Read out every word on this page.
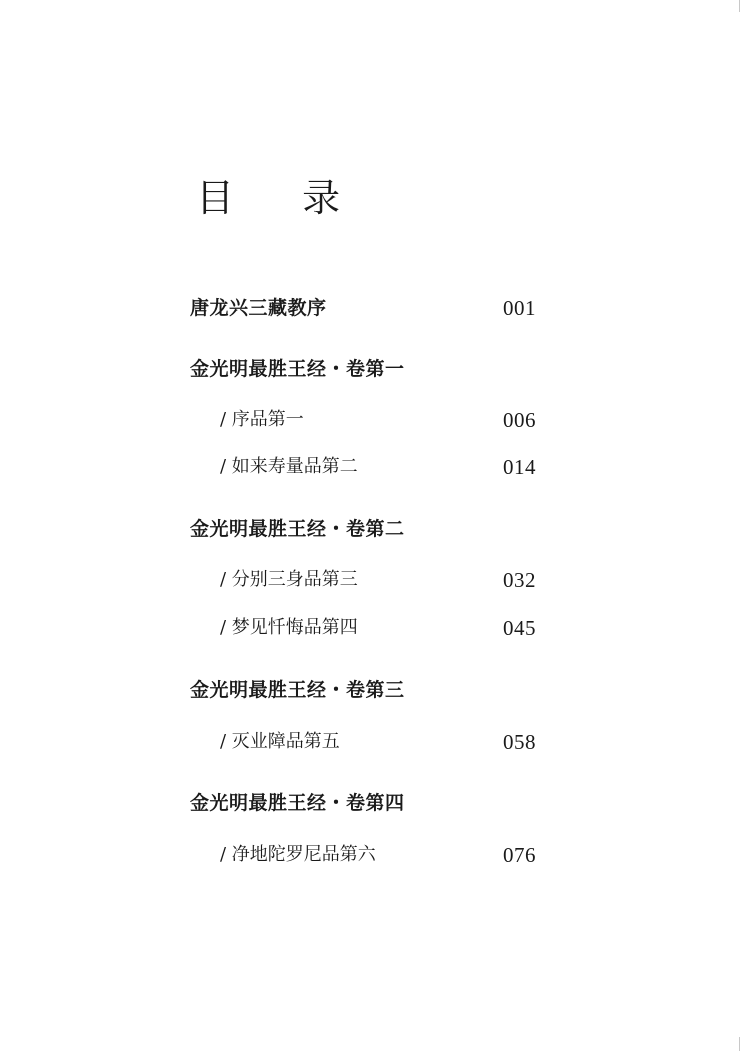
目 录
唐龙兴三藏教序	001
金光明最胜王经・卷第一
/ 序品第一	006
/ 如来寿量品第二	014
金光明最胜王经・卷第二
/ 分别三身品第三	032
/ 梦见忏悔品第四	045
金光明最胜王经・卷第三
/ 灭业障品第五	058
金光明最胜王经・卷第四
/ 净地陀罗尼品第六	076
